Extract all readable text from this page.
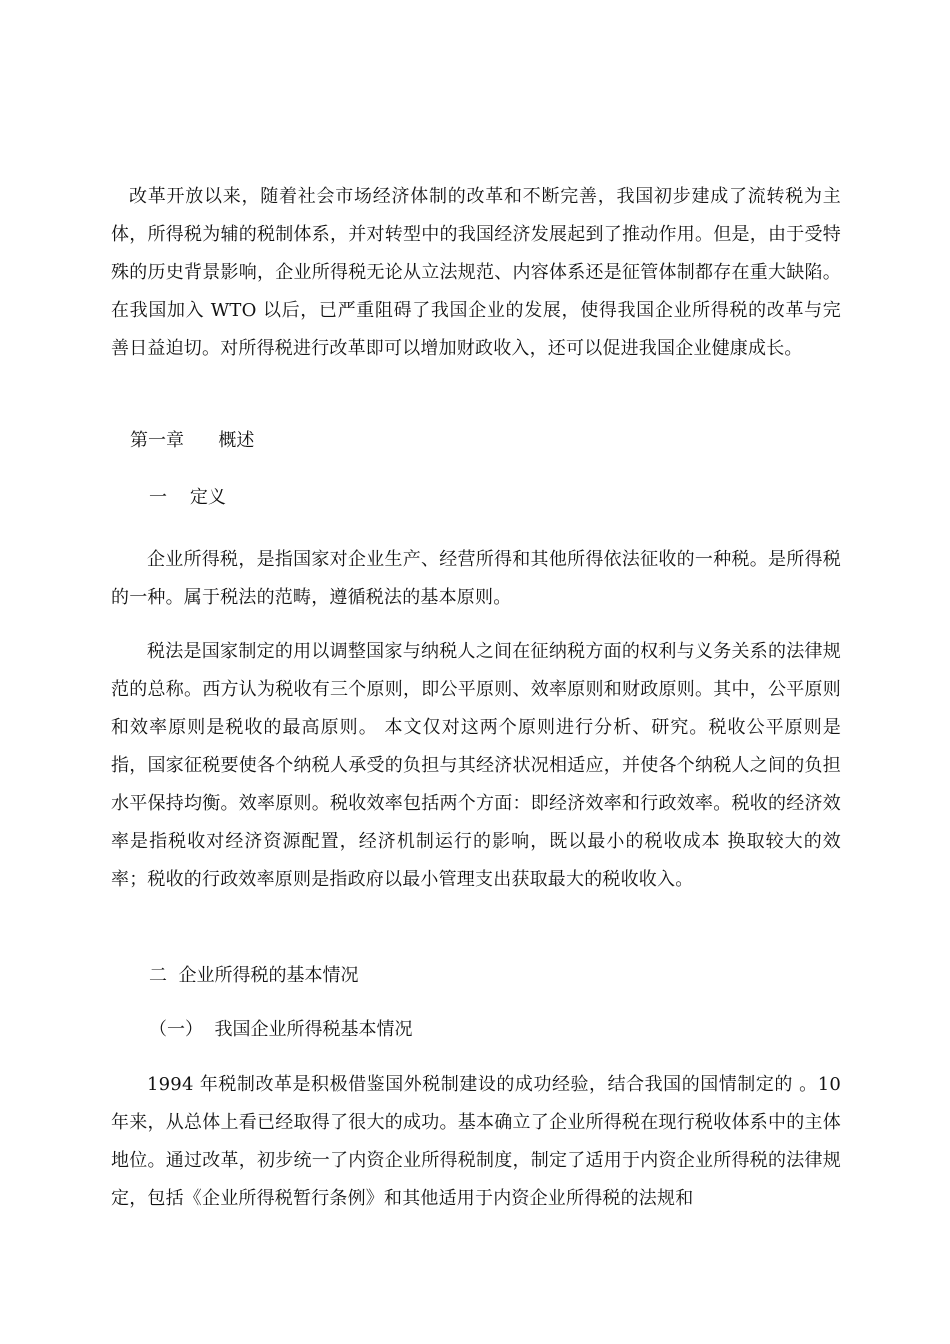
改革开放以来，随着社会市场经济体制的改革和不断完善，我国初步建成了流转税为主体，所得税为辅的税制体系，并对转型中的我国经济发展起到了推动作用。但是，由于受特殊的历史背景影响，企业所得税无论从立法规范、内容体系还是征管体制都存在重大缺陷。在我国加入 WTO 以后，已严重阻碍了我国企业的发展，使得我国企业所得税的改革与完善日益迫切。对所得税进行改革即可以增加财政收入，还可以促进我国企业健康成长。

第一章      概述

一    定义

企业所得税，是指国家对企业生产、经营所得和其他所得依法征收的一种税。是所得税的一种。属于税法的范畴，遵循税法的基本原则。

税法是国家制定的用以调整国家与纳税人之间在征纳税方面的权利与义务关系的法律规范的总称。西方认为税收有三个原则，即公平原则、效率原则和财政原则。其中，公平原则和效率原则是税收的最高原则。 本文仅对这两个原则进行分析、研究。税收公平原则是指，国家征税要使各个纳税人承受的负担与其经济状况相适应，并使各个纳税人之间的负担水平保持均衡。效率原则。税收效率包括两个方面：即经济效率和行政效率。税收的经济效率是指税收对经济资源配置，经济机制运行的影响，既以最小的税收成本 换取较大的效率；税收的行政效率原则是指政府以最小管理支出获取最大的税收收入。

二  企业所得税的基本情况

（一）  我国企业所得税基本情况

1994 年税制改革是积极借鉴国外税制建设的成功经验，结合我国的国情制定的 。10 年来，从总体上看已经取得了很大的成功。基本确立了企业所得税在现行税收体系中的主体地位。通过改革，初步统一了内资企业所得税制度，制定了适用于内资企业所得税的法律规定，包括《企业所得税暂行条例》和其他适用于内资企业所得税的法规和
